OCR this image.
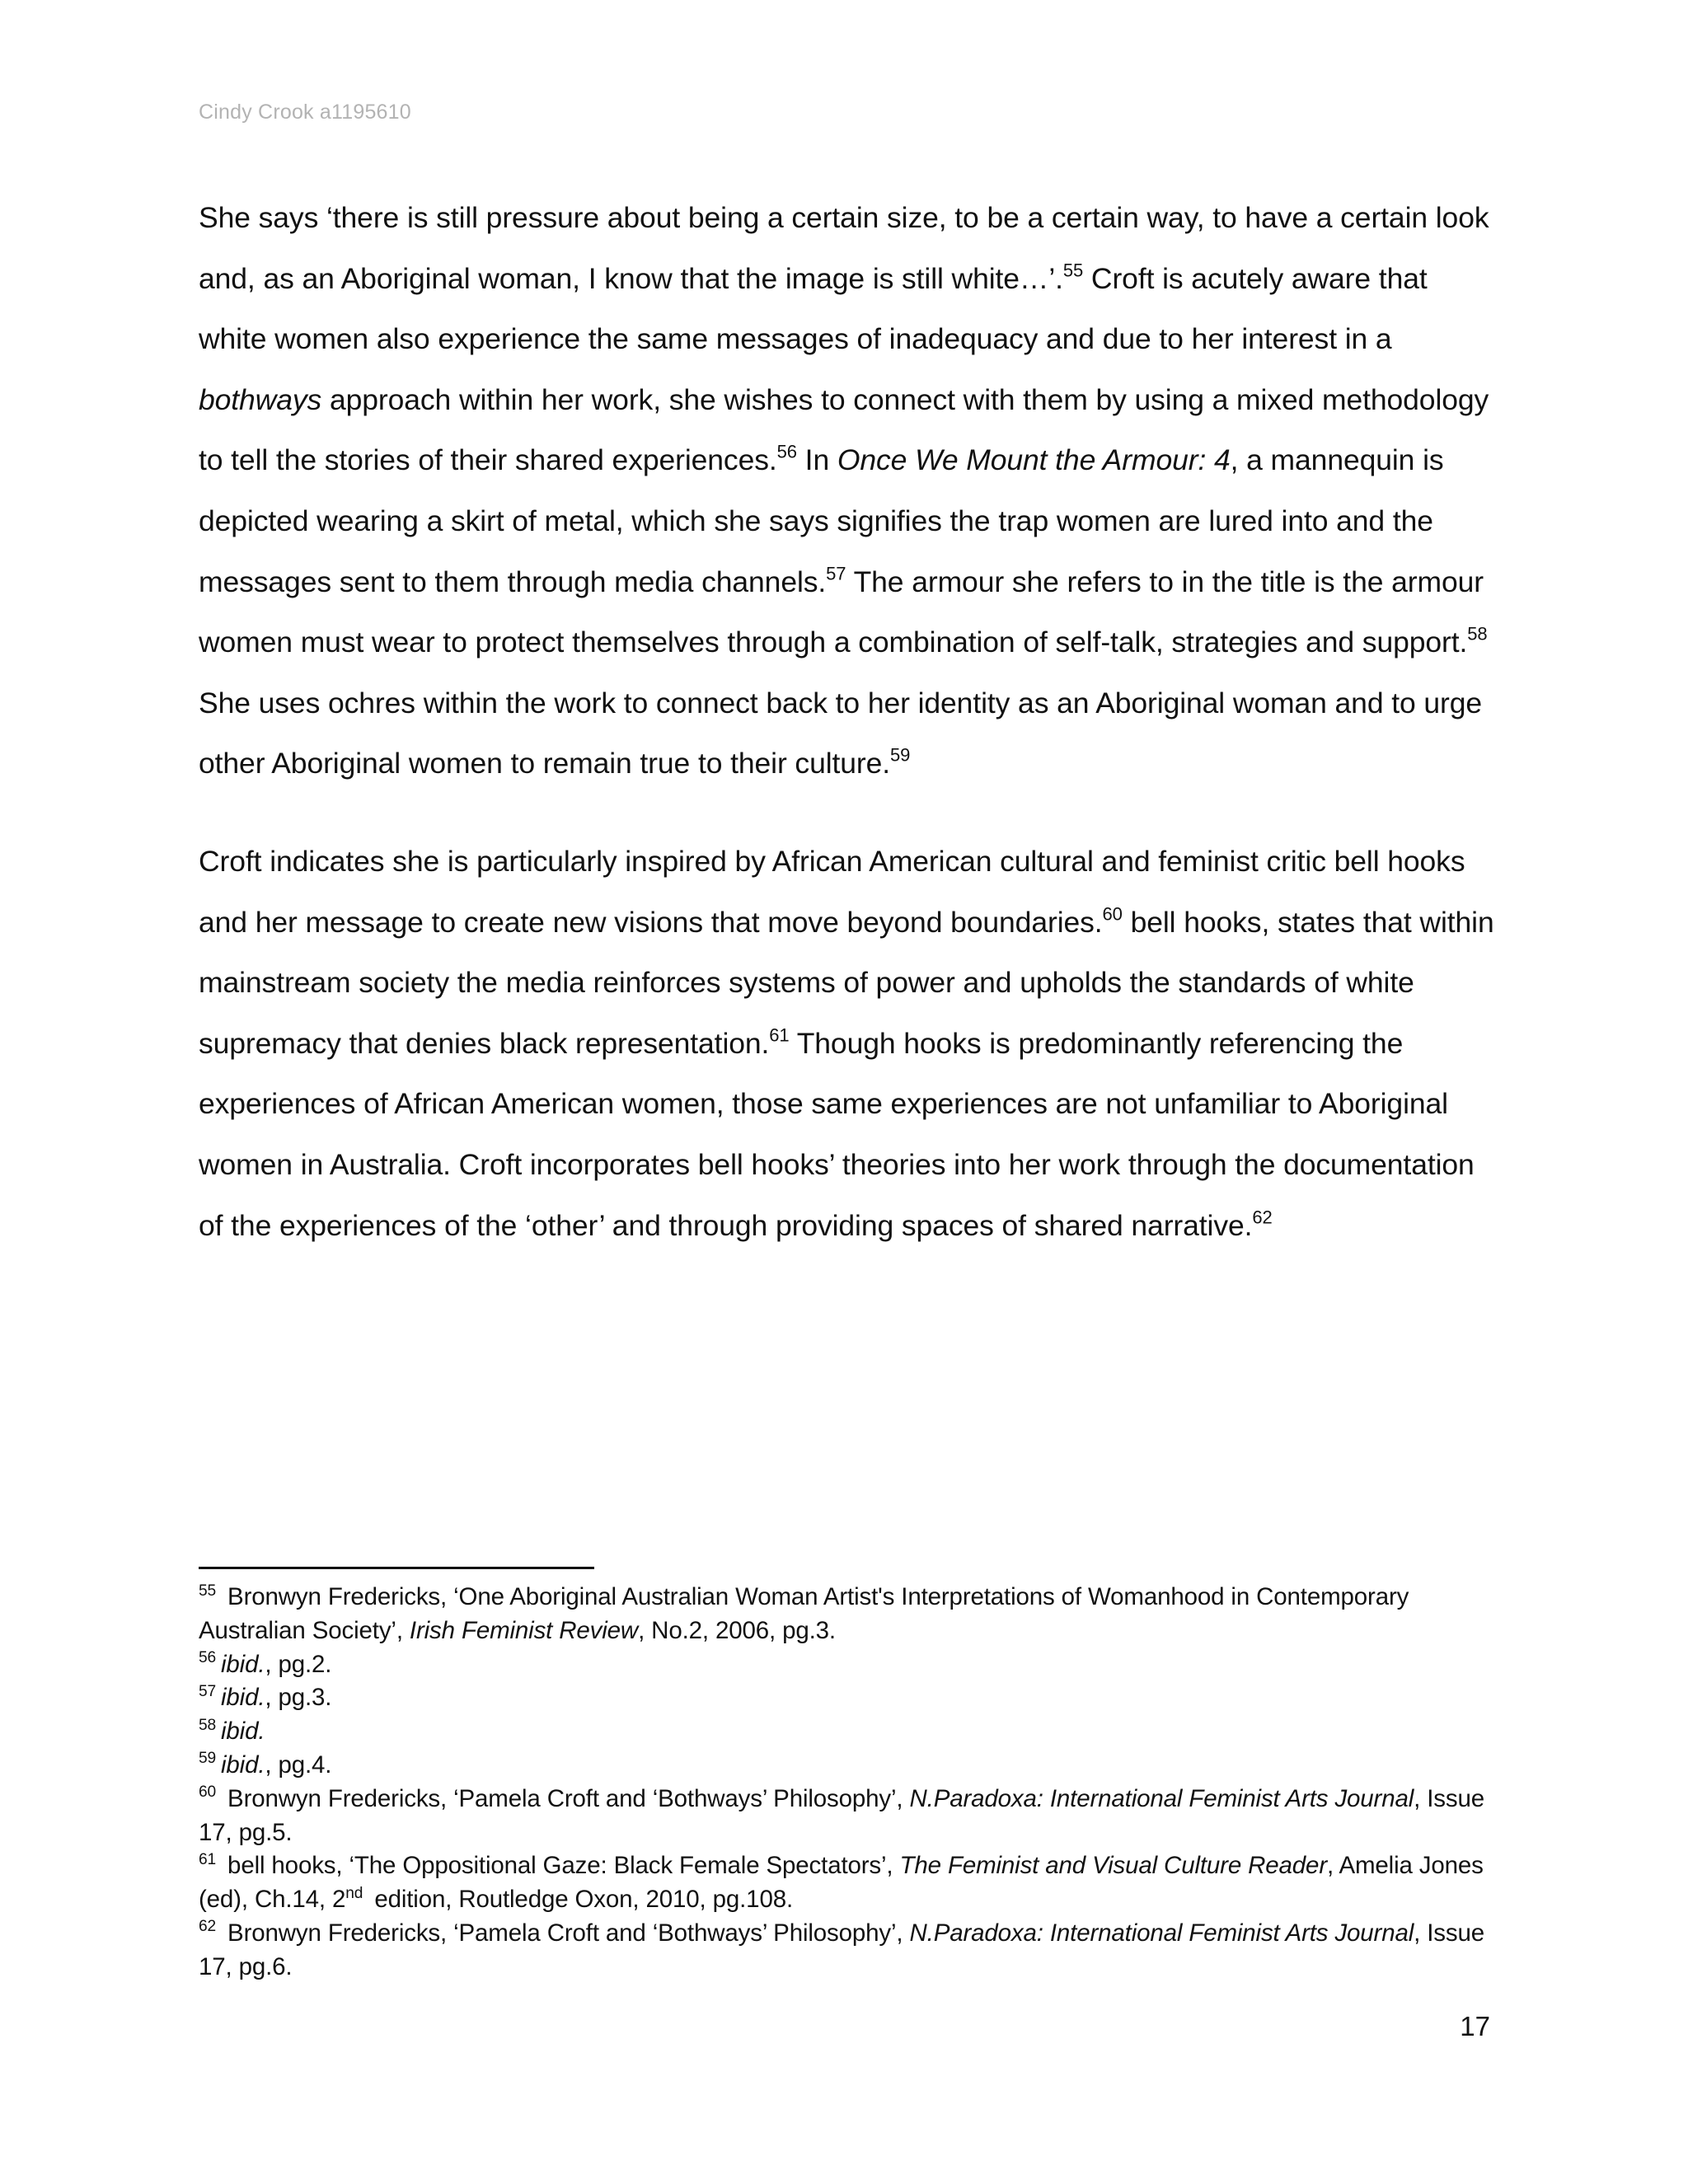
Cindy Crook a1195610

She says ‘there is still pressure about being a certain size, to be a certain way, to have a certain look and, as an Aboriginal woman, I know that the image is still white…’.$^{55}$ Croft is acutely aware that white women also experience the same messages of inadequacy and due to her interest in a bothways approach within her work, she wishes to connect with them by using a mixed methodology to tell the stories of their shared experiences.$^{56}$ In Once We Mount the Armour: 4, a mannequin is depicted wearing a skirt of metal, which she says signifies the trap women are lured into and the messages sent to them through media channels.$^{57}$ The armour she refers to in the title is the armour women must wear to protect themselves through a combination of self-talk, strategies and support.$^{58}$ She uses ochres within the work to connect back to her identity as an Aboriginal woman and to urge other Aboriginal women to remain true to their culture.$^{59}$

Croft indicates she is particularly inspired by African American cultural and feminist critic bell hooks and her message to create new visions that move beyond boundaries.$^{60}$ bell hooks, states that within mainstream society the media reinforces systems of power and upholds the standards of white supremacy that denies black representation.$^{61}$ Though hooks is predominantly referencing the experiences of African American women, those same experiences are not unfamiliar to Aboriginal women in Australia. Croft incorporates bell hooks’ theories into her work through the documentation of the experiences of the ‘other’ and through providing spaces of shared narrative.$^{62}$

$^{55}$ Bronwyn Fredericks, ‘One Aboriginal Australian Woman Artist's Interpretations of Womanhood in Contemporary Australian Society’, Irish Feminist Review, No.2, 2006, pg.3.

$^{56}$ ibid., pg.2.

$^{57}$ ibid., pg.3.

$^{58}$ ibid.

$^{59}$ ibid., pg.4.

$^{60}$ Bronwyn Fredericks, ‘Pamela Croft and ‘Bothways’ Philosophy’, N.Paradoxa: International Feminist Arts Journal, Issue 17, pg.5.

$^{61}$ bell hooks, ‘The Oppositional Gaze: Black Female Spectators’, The Feminist and Visual Culture Reader, Amelia Jones (ed), Ch.14, 2nd edition, Routledge Oxon, 2010, pg.108.

$^{62}$ Bronwyn Fredericks, ‘Pamela Croft and ‘Bothways’ Philosophy’, N.Paradoxa: International Feminist Arts Journal, Issue 17, pg.6.

17
